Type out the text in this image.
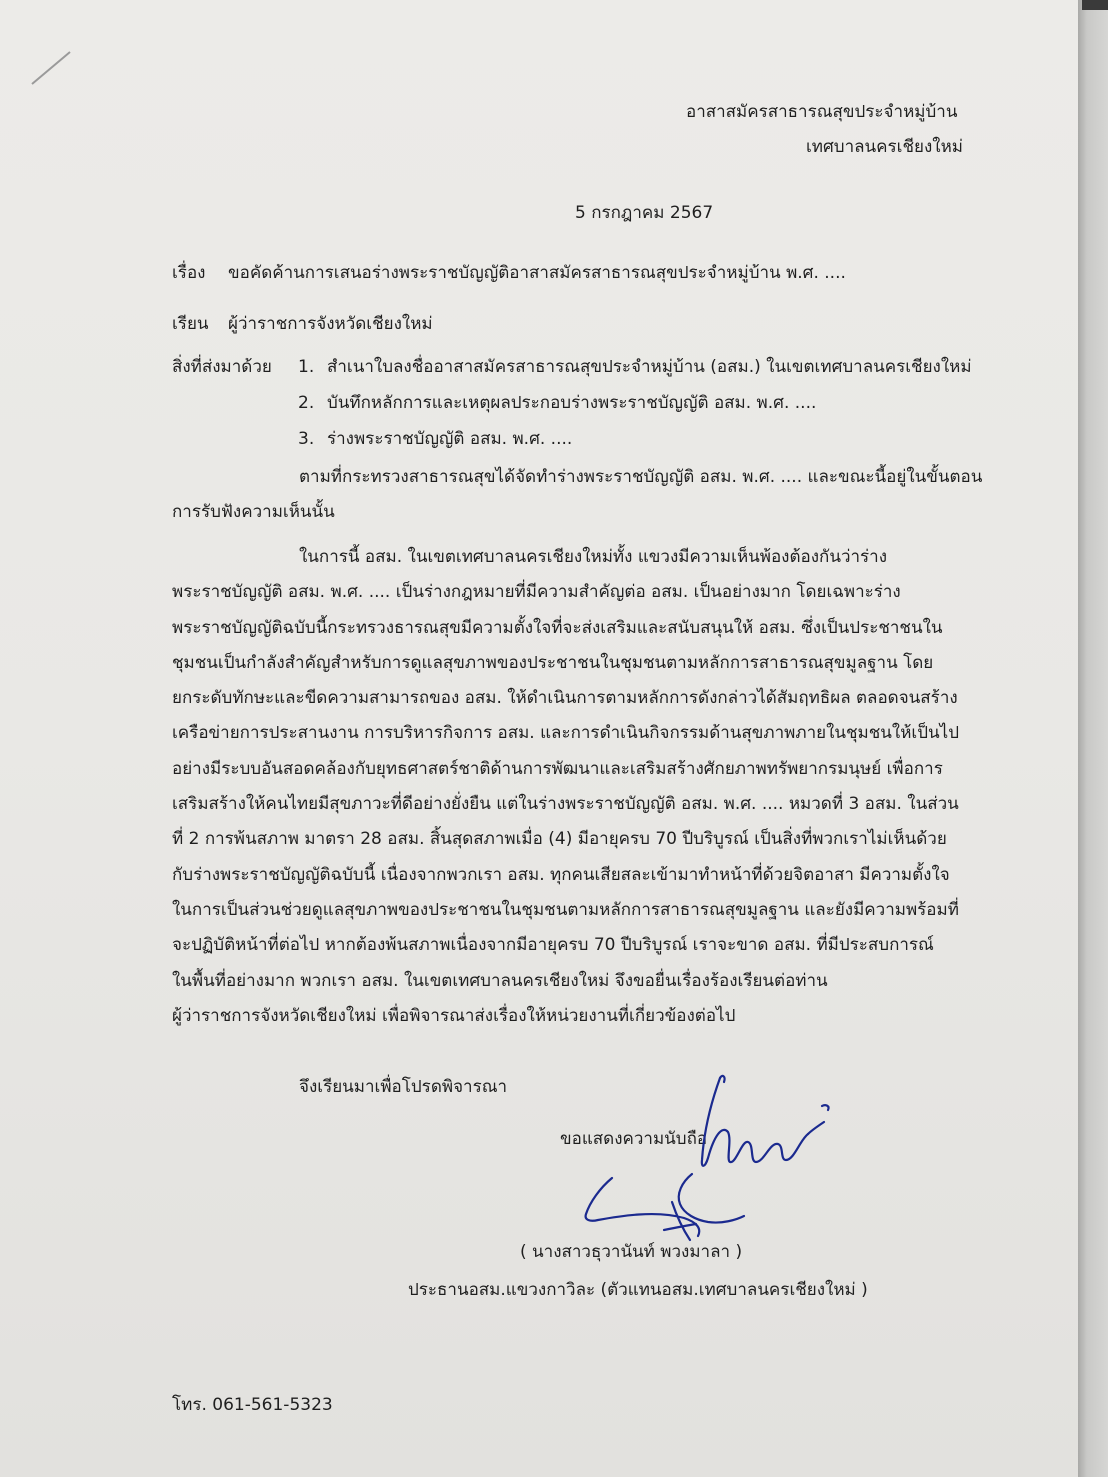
อาสาสมัครสาธารณสุขประจำหมู่บ้าน
เทศบาลนครเชียงใหม่
5 กรกฎาคม 2567
เรื่อง ขอคัดค้านการเสนอร่างพระราชบัญญัติอาสาสมัครสาธารณสุขประจำหมู่บ้าน พ.ศ. ....
เรียน ผู้ว่าราชการจังหวัดเชียงใหม่
สิ่งที่ส่งมาด้วย 1. สำเนาใบลงชื่ออาสาสมัครสาธารณสุขประจำหมู่บ้าน (อสม.) ในเขตเทศบาลนครเชียงใหม่
2. บันทึกหลักการและเหตุผลประกอบร่างพระราชบัญญัติ อสม. พ.ศ. ....
3. ร่างพระราชบัญญัติ อสม. พ.ศ. ....
ตามที่กระทรวงสาธารณสุขได้จัดทำร่างพระราชบัญญัติ อสม. พ.ศ. .... และขณะนี้อยู่ในขั้นตอน
การรับฟังความเห็นนั้น
ในการนี้ อสม. ในเขตเทศบาลนครเชียงใหม่ทั้ง แขวงมีความเห็นพ้องต้องกันว่าร่าง
พระราชบัญญัติ อสม. พ.ศ. .... เป็นร่างกฎหมายที่มีความสำคัญต่อ อสม. เป็นอย่างมาก โดยเฉพาะร่าง
พระราชบัญญัติฉบับนี้กระทรวงธารณสุขมีความตั้งใจที่จะส่งเสริมและสนับสนุนให้ อสม. ซึ่งเป็นประชาชนใน
ชุมชนเป็นกำลังสำคัญสำหรับการดูแลสุขภาพของประชาชนในชุมชนตามหลักการสาธารณสุขมูลฐาน โดย
ยกระดับทักษะและขีดความสามารถของ อสม. ให้ดำเนินการตามหลักการดังกล่าวได้สัมฤทธิผล ตลอดจนสร้าง
เครือข่ายการประสานงาน การบริหารกิจการ อสม. และการดำเนินกิจกรรมด้านสุขภาพภายในชุมชนให้เป็นไป
อย่างมีระบบอันสอดคล้องกับยุทธศาสตร์ชาติด้านการพัฒนาและเสริมสร้างศักยภาพทรัพยากรมนุษย์ เพื่อการ
เสริมสร้างให้คนไทยมีสุขภาวะที่ดีอย่างยั่งยืน แต่ในร่างพระราชบัญญัติ อสม. พ.ศ. .... หมวดที่ 3 อสม. ในส่วน
ที่ 2 การพ้นสภาพ มาตรา 28 อสม. สิ้นสุดสภาพเมื่อ (4) มีอายุครบ 70 ปีบริบูรณ์ เป็นสิ่งที่พวกเราไม่เห็นด้วย
กับร่างพระราชบัญญัติฉบับนี้ เนื่องจากพวกเรา อสม. ทุกคนเสียสละเข้ามาทำหน้าที่ด้วยจิตอาสา มีความตั้งใจ
ในการเป็นส่วนช่วยดูแลสุขภาพของประชาชนในชุมชนตามหลักการสาธารณสุขมูลฐาน และยังมีความพร้อมที่
จะปฏิบัติหน้าที่ต่อไป หากต้องพ้นสภาพเนื่องจากมีอายุครบ 70 ปีบริบูรณ์ เราจะขาด อสม. ที่มีประสบการณ์
ในพื้นที่อย่างมาก พวกเรา อสม. ในเขตเทศบาลนครเชียงใหม่ จึงขอยื่นเรื่องร้องเรียนต่อท่าน
ผู้ว่าราชการจังหวัดเชียงใหม่ เพื่อพิจารณาส่งเรื่องให้หน่วยงานที่เกี่ยวข้องต่อไป
จึงเรียนมาเพื่อโปรดพิจารณา
ขอแสดงความนับถือ
( นางสาวธุวานันท์ พวงมาลา )
ประธานอสม.แขวงกาวิละ (ตัวแทนอสม.เทศบาลนครเชียงใหม่ )
โทร. 061-561-5323
